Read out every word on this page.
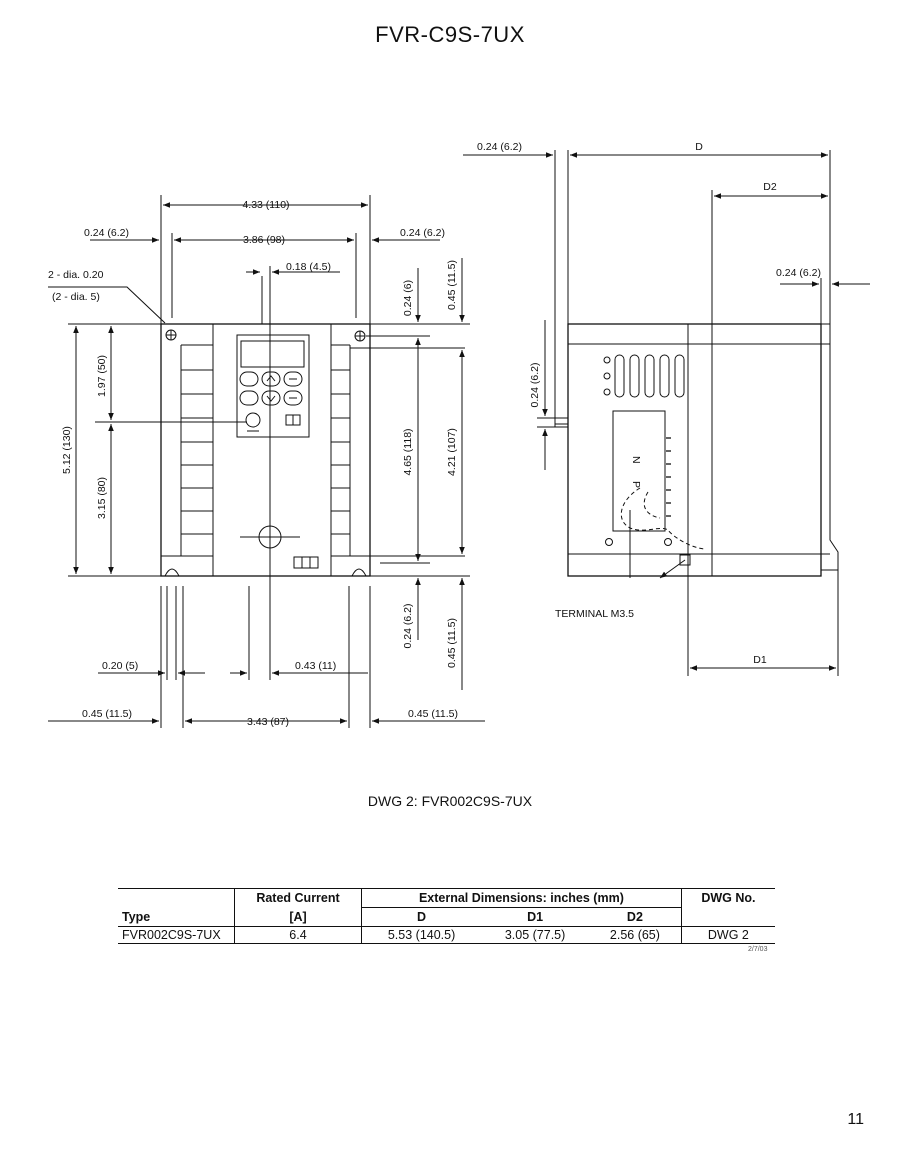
FVR-C9S-7UX
4.33 (110)
3.86 (98)
0.24 (6.2)	0.24 (6.2)
2 - dia. 0.20
(2 - dia. 5)
0.18 (4.5)
0.24 (6)	0.45 (11.5)
5.12 (130)
1.97 (50)
3.15 (80)
4.65 (118)	4.21 (107)
0.24 (6.2)	0.45 (11.5)
0.20 (5)	0.43 (11)
0.45 (11.5)
3.43 (87)
0.45 (11.5)
N
P
0.24 (6.2)	D
D2
0.24 (6.2)
0.24 (6.2)
TERMINAL M3.5
D1
DWG 2: FVR002C9S-7UX
	Rated Current	External Dimensions: inches (mm)			DWG No.
Type	[A]	D	D1	D2	
FVR002C9S-7UX	6.4	5.53 (140.5)	3.05 (77.5)	2.56 (65)	DWG 2
2/7/03
11
